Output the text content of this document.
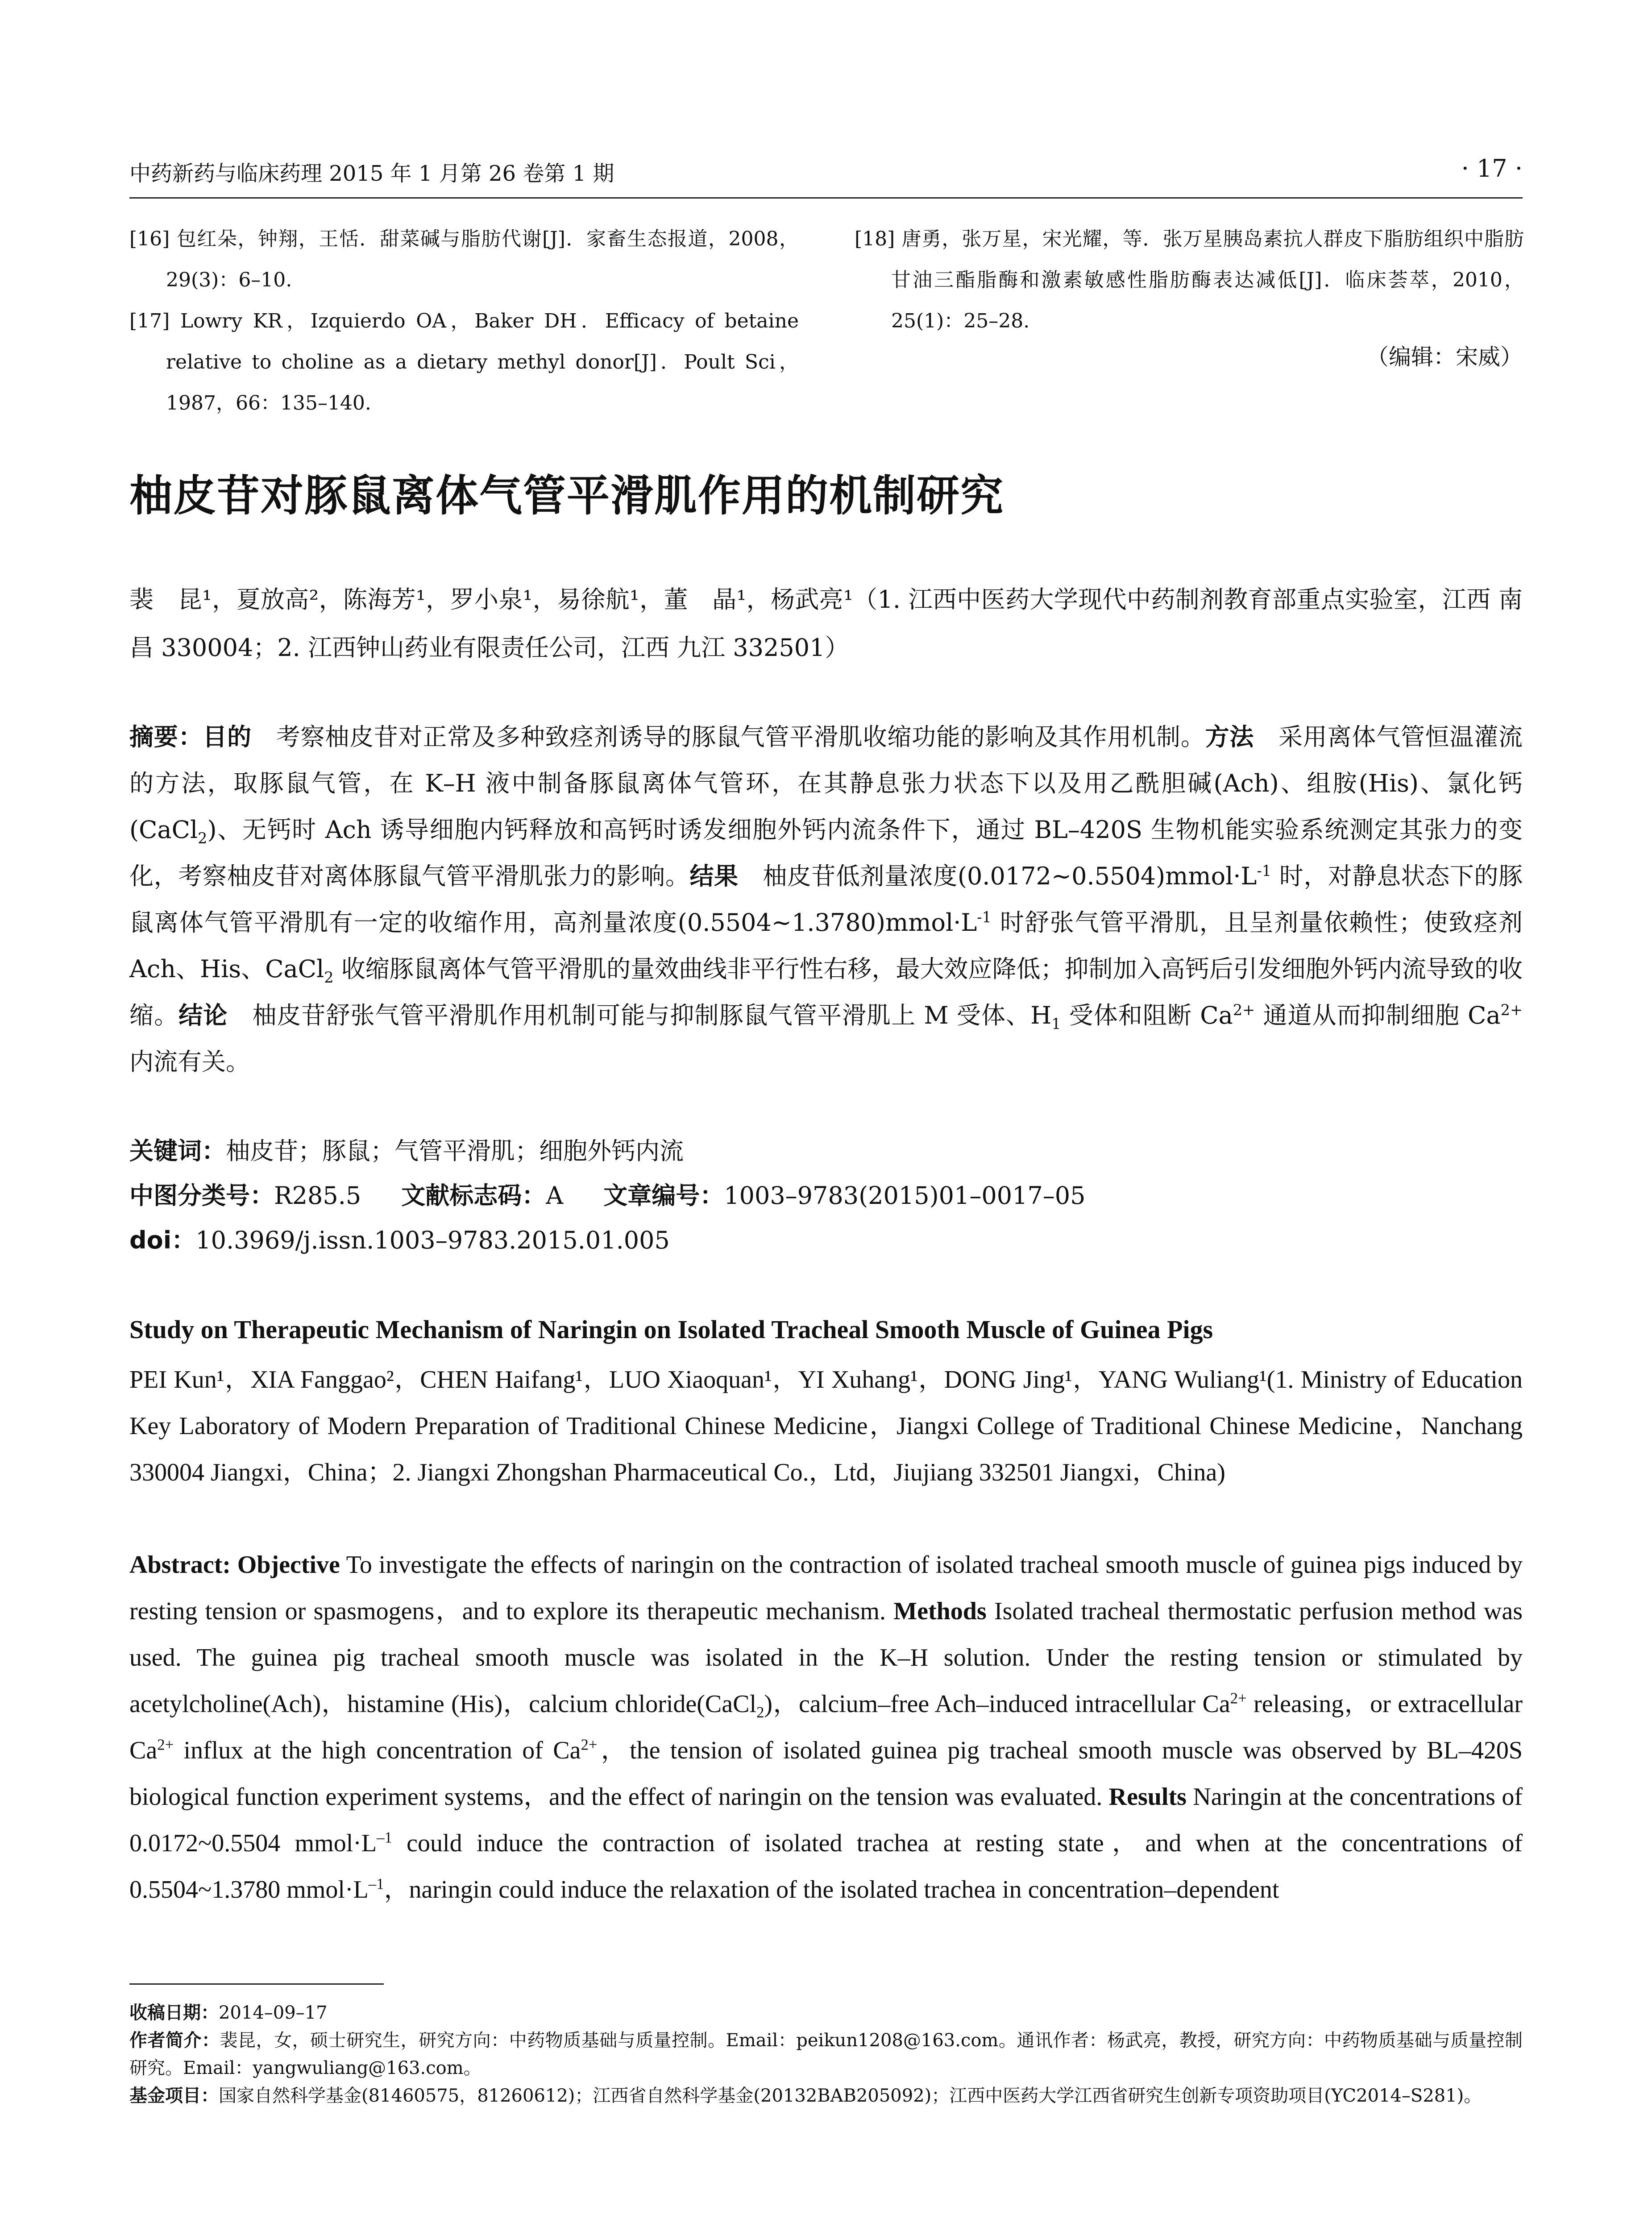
中药新药与临床药理 2015 年 1 月第 26 卷第 1 期	· 17 ·

[16] 包红朵，钟翔，王恬．甜菜碱与脂肪代谢[J]．家畜生态报道，2008，29(3)：6–10.

[17] Lowry KR，Izquierdo OA，Baker DH．Efficacy of betaine relative to choline as a dietary methyl donor[J]．Poult Sci，1987，66：135–140.

[18] 唐勇，张万星，宋光耀，等．张万星胰岛素抗人群皮下脂肪组织中脂肪甘油三酯脂酶和激素敏感性脂肪酶表达减低[J]．临床荟萃，2010，25(1)：25–28.

（编辑：宋威）
柚皮苷对豚鼠离体气管平滑肌作用的机制研究
裴　昆¹，夏放高²，陈海芳¹，罗小泉¹，易徐航¹，董　晶¹，杨武亮¹（1. 江西中医药大学现代中药制剂教育部重点实验室，江西 南昌 330004；2. 江西钟山药业有限责任公司，江西 九江 332501）
摘要：目的　考察柚皮苷对正常及多种致痉剂诱导的豚鼠气管平滑肌收缩功能的影响及其作用机制。方法　采用离体气管恒温灌流的方法，取豚鼠气管，在 K–H 液中制备豚鼠离体气管环，在其静息张力状态下以及用乙酰胆碱(Ach)、组胺(His)、氯化钙(CaCl$_2$)、无钙时 Ach 诱导细胞内钙释放和高钙时诱发细胞外钙内流条件下，通过 BL–420S 生物机能实验系统测定其张力的变化，考察柚皮苷对离体豚鼠气管平滑肌张力的影响。结果　柚皮苷低剂量浓度$(0.0172\sim 0.5504)mmol\cdot L^{-1}$ 时，对静息状态下的豚鼠离体气管平滑肌有一定的收缩作用，高剂量浓度$(0.5504\sim 1.3780)mmol\cdot L^{-1}$ 时舒张气管平滑肌，且呈剂量依赖性；使致痉剂 Ach、His、CaCl$_2$ 收缩豚鼠离体气管平滑肌的量效曲线非平行性右移，最大效应降低；抑制加入高钙后引发细胞外钙内流导致的收缩。结论　柚皮苷舒张气管平滑肌作用机制可能与抑制豚鼠气管平滑肌上 M 受体、$H_1$ 受体和阻断 $Ca^{2+}$ 通道从而抑制细胞 $Ca^{2+}$ 内流有关。
关键词：柚皮苷；豚鼠；气管平滑肌；细胞外钙内流
中图分类号：R285.5 文献标志码：A 文章编号：1003–9783(2015)01–0017–05
doi：10.3969/j.issn.1003–9783.2015.01.005
Study on Therapeutic Mechanism of Naringin on Isolated Tracheal Smooth Muscle of Guinea Pigs
PEI Kun¹，XIA Fanggao²，CHEN Haifang¹，LUO Xiaoquan¹，YI Xuhang¹，DONG Jing¹，YANG Wuliang¹(1. Ministry of Education Key Laboratory of Modern Preparation of Traditional Chinese Medicine，Jiangxi College of Traditional Chinese Medicine，Nanchang 330004 Jiangxi，China；2. Jiangxi Zhongshan Pharmaceutical Co.，Ltd，Jiujiang 332501 Jiangxi，China)
Abstract: Objective To investigate the effects of naringin on the contraction of isolated tracheal smooth muscle of guinea pigs induced by resting tension or spasmogens，and to explore its therapeutic mechanism. Methods Isolated tracheal thermostatic perfusion method was used. The guinea pig tracheal smooth muscle was isolated in the K–H solution. Under the resting tension or stimulated by acetylcholine(Ach)，histamine (His)，calcium chloride(CaCl$_2$)，calcium–free Ach–induced intracellular $Ca^{2+}$ releasing，or extracellular $Ca^{2+}$ influx at the high concentration of $Ca^{2+}$，the tension of isolated guinea pig tracheal smooth muscle was observed by BL–420S biological function experiment systems，and the effect of naringin on the tension was evaluated. Results Naringin at the concentrations of 0.0172~0.5504 $mmol\cdot L^{-1}$ could induce the contraction of isolated trachea at resting state，and when at the concentrations of 0.5504~1.3780 $mmol\cdot L^{-1}$，naringin could induce the relaxation of the isolated trachea in concentration–dependent

收稿日期：2014–09–17

作者简介：裴昆，女，硕士研究生，研究方向：中药物质基础与质量控制。Email：peikun1208@163.com。通讯作者：杨武亮，教授，研究方向：中药物质基础与质量控制研究。Email：yangwuliang@163.com。

基金项目：国家自然科学基金(81460575，81260612)；江西省自然科学基金(20132BAB205092)；江西中医药大学江西省研究生创新专项资助项目(YC2014–S281)。
